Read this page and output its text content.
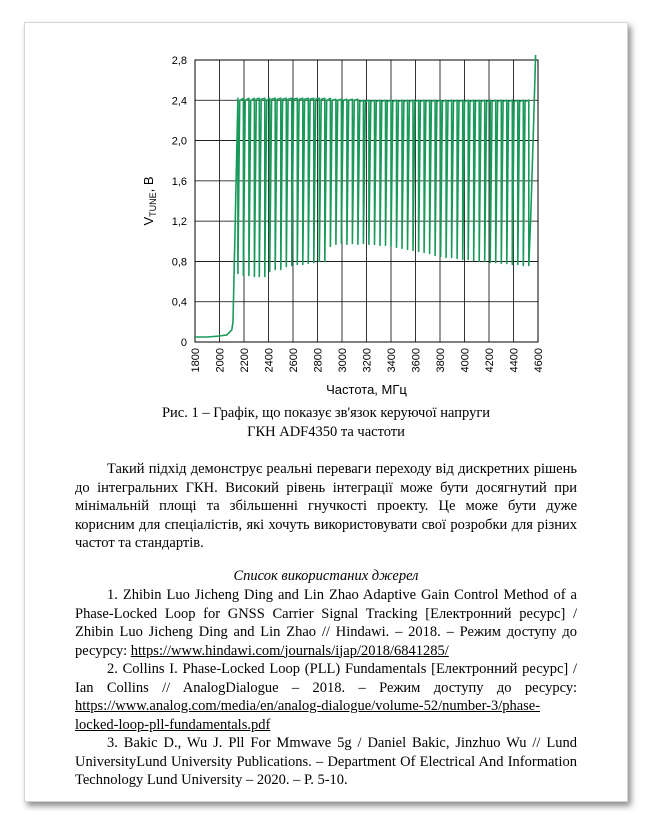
0
0,4
0,8
1,2
1,6
2,0
2,4
2,8
1800 2000 2200 2400 2600 2800 3000 3200 3400 3600 3800 4000 4200 4400 4600
Частота, МГц
$V_{TUNE}$, В
Рис. 1 – Графік, що показує зв'язок керуючої напруги
ГКН ADF4350 та частоти
Такий підхід демонструє реальні переваги переходу від дискретних рішень до інтегральних ГКН. Високий рівень інтеграції може бути досягнутий при мінімальній площі та збільшенні гнучкості проекту. Це може бути дуже корисним для спеціалістів, які хочуть використовувати свої розробки для різних частот та стандартів.
Список використаних джерел

1. Zhibin Luo Jicheng Ding and Lin Zhao Adaptive Gain Control Method of a Phase-Locked Loop for GNSS Carrier Signal Tracking [Електронний ресурс] / Zhibin Luo Jicheng Ding and Lin Zhao // Hindawi. – 2018. – Режим доступу до ресурсу: https://www.hindawi.com/journals/ijap/2018/6841285/

2. Collins I. Phase-Locked Loop (PLL) Fundamentals [Електронний ресурс] / Ian Collins // AnalogDialogue – 2018. – Режим доступу до ресурсу: https://www.analog.com/media/en/analog-dialogue/volume-52/number-3/phase-locked-loop-pll-fundamentals.pdf

3. Bakic D., Wu J. Pll For Mmwave 5g / Daniel Bakic, Jinzhuo Wu // Lund UniversityLund University Publications. – Department Of Electrical And Information Technology Lund University – 2020. – Р. 5-10.
